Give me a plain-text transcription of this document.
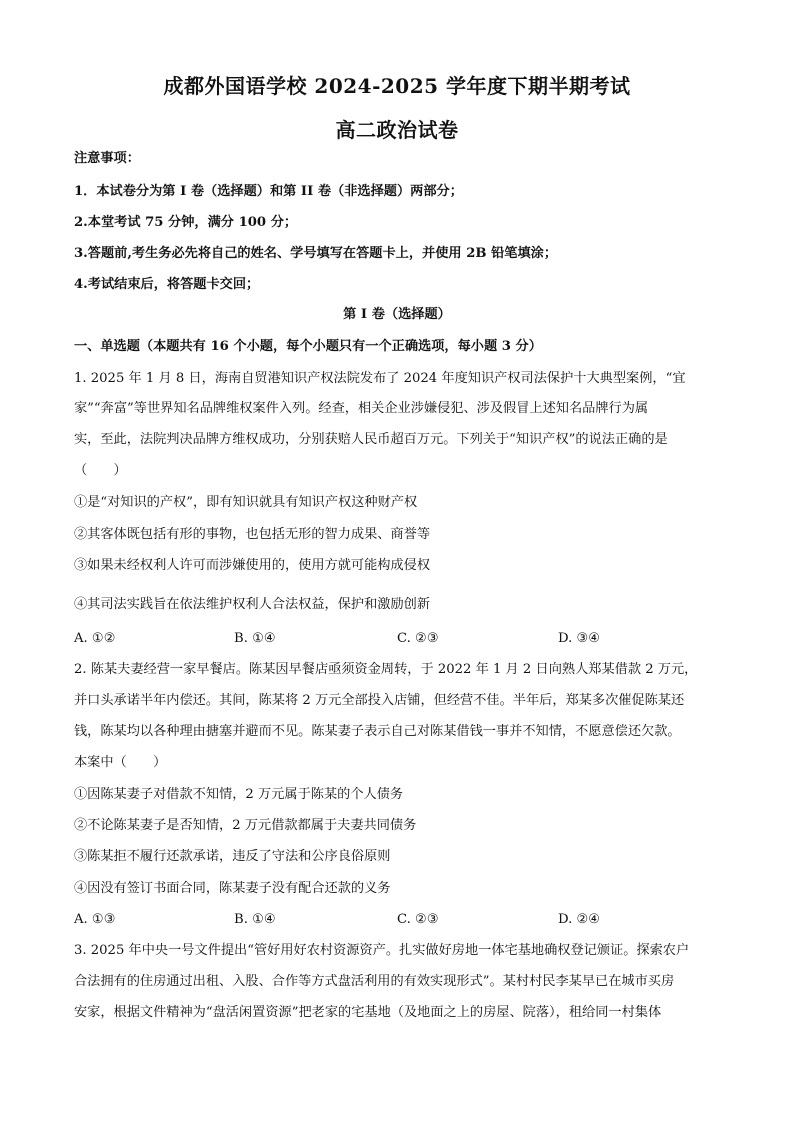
成都外国语学校 2024-2025 学年度下期半期考试
高二政治试卷
注意事项：
1．本试卷分为第 I 卷（选择题）和第 II 卷（非选择题）两部分；
2.本堂考试 75 分钟，满分 100 分；
3.答题前,考生务必先将自己的姓名、学号填写在答题卡上，并使用 2B 铅笔填涂；
4.考试结束后，将答题卡交回；
第 I 卷（选择题）
一、单选题（本题共有 16 个小题，每个小题只有一个正确选项，每小题 3 分）
1. 2025 年 1 月 8 日，海南自贸港知识产权法院发布了 2024 年度知识产权司法保护十大典型案例，“宜
家”“奔富”等世界知名品牌维权案件入列。经查，相关企业涉嫌侵犯、涉及假冒上述知名品牌行为属
实，至此，法院判决品牌方维权成功，分别获赔人民币超百万元。下列关于“知识产权”的说法正确的是
（　　）
①是“对知识的产权”，即有知识就具有知识产权这种财产权
②其客体既包括有形的事物，也包括无形的智力成果、商誉等
③如果未经权利人许可而涉嫌使用的，使用方就可能构成侵权
④其司法实践旨在依法维护权利人合法权益，保护和激励创新
A. ①②	B. ①④	C. ②③	D. ③④
2. 陈某夫妻经营一家早餐店。陈某因早餐店亟须资金周转，于 2022 年 1 月 2 日向熟人郑某借款 2 万元，
并口头承诺半年内偿还。其间，陈某将 2 万元全部投入店铺，但经营不佳。半年后，郑某多次催促陈某还
钱，陈某均以各种理由搪塞并避而不见。陈某妻子表示自己对陈某借钱一事并不知情，不愿意偿还欠款。
本案中（　　）
①因陈某妻子对借款不知情，2 万元属于陈某的个人债务
②不论陈某妻子是否知情，2 万元借款都属于夫妻共同债务
③陈某拒不履行还款承诺，违反了守法和公序良俗原则
④因没有签订书面合同，陈某妻子没有配合还款的义务
A. ①③	B. ①④	C. ②③	D. ②④
3. 2025 年中央一号文件提出“管好用好农村资源资产。扎实做好房地一体宅基地确权登记颁证。探索农户
合法拥有的住房通过出租、入股、合作等方式盘活利用的有效实现形式”。某村村民李某早已在城市买房
安家，根据文件精神为“盘活闲置资源”把老家的宅基地（及地面之上的房屋、院落），租给同一村集体
